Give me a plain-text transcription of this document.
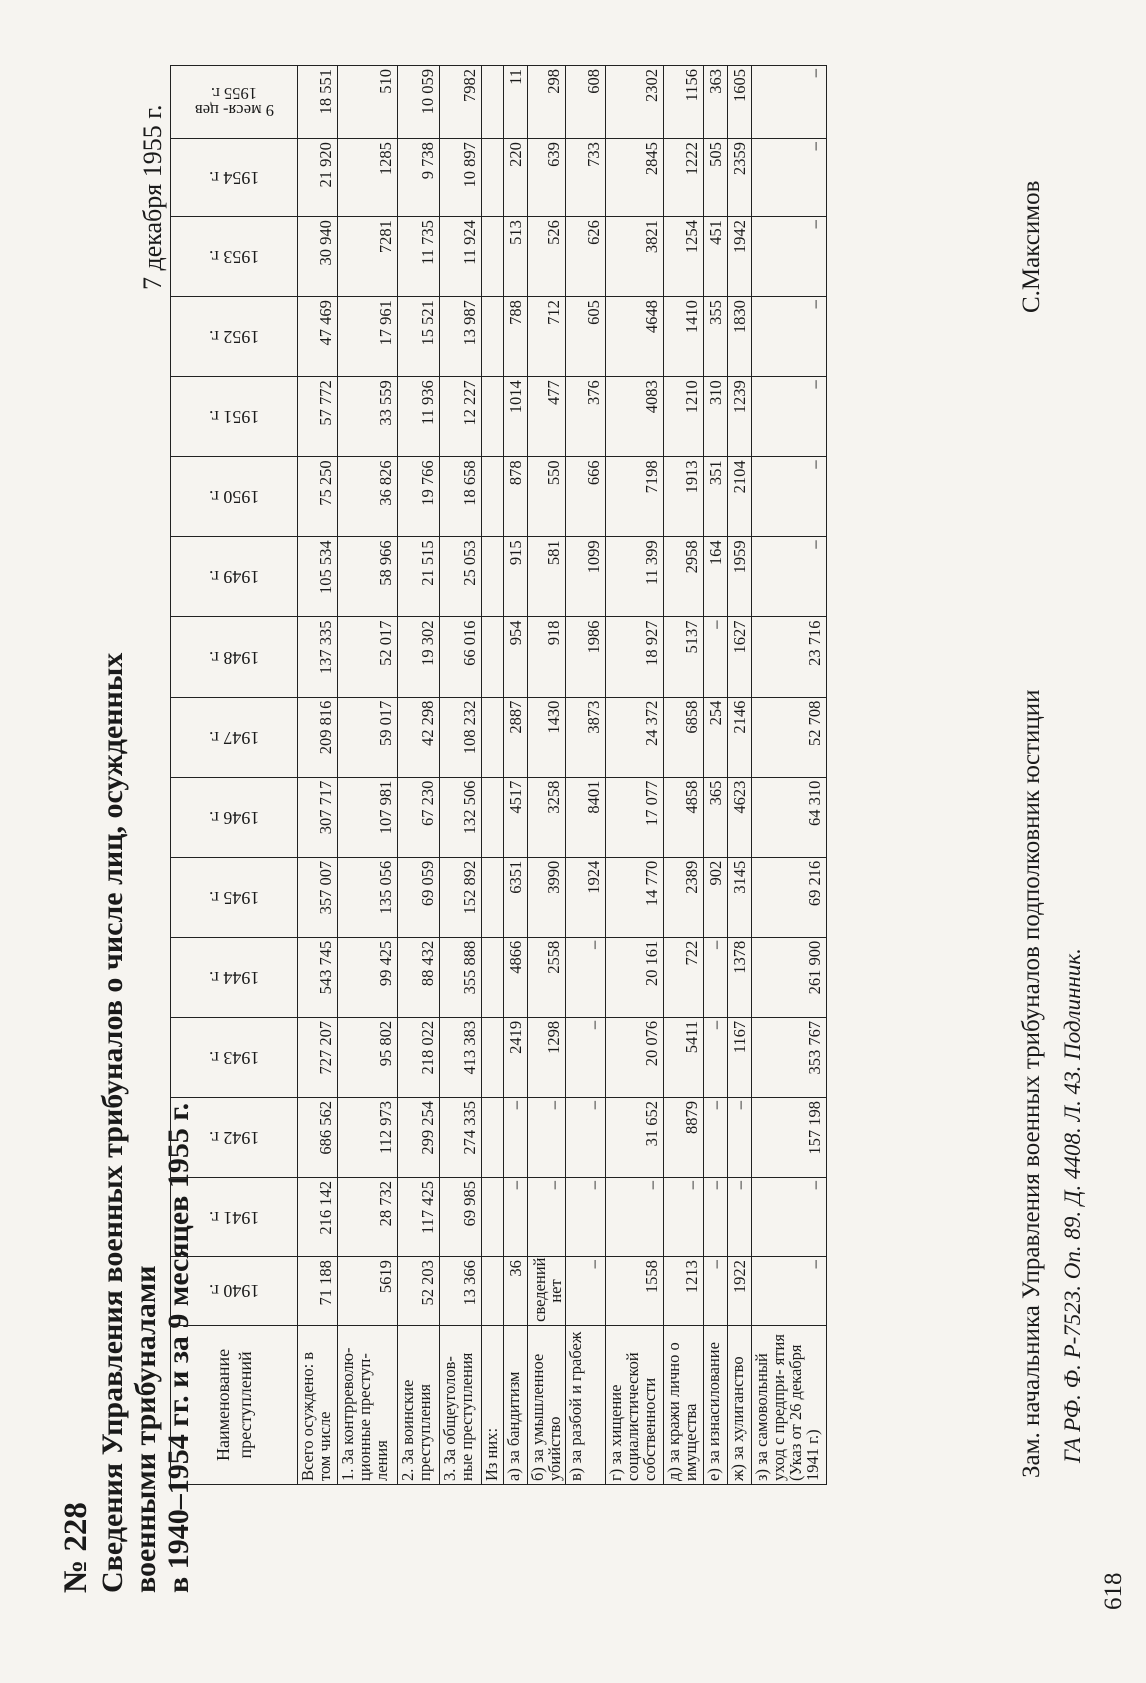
№ 228 Сведения Управления военных трибуналов о числе лиц, осужденных военными трибуналами в 1940–1954 гг. и за 9 месяцев 1955 г.
7 декабря 1955 г.
Наименование преступлений	1940 г.	1941 г.	1942 г.	1943 г.	1944 г.	1945 г.	1946 г.	1947 г.	1948 г.	1949 г.	1950 г.	1951 г.	1952 г.	1953 г.	1954 г.	9 меся- цев 1955 г.

Всего осуждено: в том числе	71 188	216 142	686 562	727 207	543 745	357 007	307 717	209 816	137 335	105 534	75 250	57 772	47 469	30 940	21 920	18 551
1. За контрреволю- ционные преступ- ления	5619	28 732	112 973	95 802	99 425	135 056	107 981	59 017	52 017	58 966	36 826	33 559	17 961	7281	1285	510
2. За воинские преступления	52 203	117 425	299 254	218 022	88 432	69 059	67 230	42 298	19 302	21 515	19 766	11 936	15 521	11 735	9 738	10 059
3. За общеуголов- ные преступления	13 366	69 985	274 335	413 383	355 888	152 892	132 506	108 232	66 016	25 053	18 658	12 227	13 987	11 924	10 897	7982
Из них:																
а) за бандитизм	36	–	–	2419	4866	6351	4517	2887	954	915	878	1014	788	513	220	11
б) за умышленное убийство	сведений нет	–	–	1298	2558	3990	3258	1430	918	581	550	477	712	526	639	298
в) за разбой и грабеж	–	–	–	–	–	1924	8401	3873	1986	1099	666	376	605	626	733	608
г) за хищение социалистической собственности	1558	–	31 652	20 076	20 161	14 770	17 077	24 372	18 927	11 399	7198	4083	4648	3821	2845	2302
д) за кражи лично о имущества	1213	–	8879	5411	722	2389	4858	6858	5137	2958	1913	1210	1410	1254	1222	1156
е) за изнасилование	–	–	–	–	–	902	365	254	–	164	351	310	355	451	505	363
ж) за хулиганство	1922	–	–	1167	1378	3145	4623	2146	1627	1959	2104	1239	1830	1942	2359	1605
з) за самовольный уход с предпри- ятия (Указ от 26 декабря 1941 г.)	–	–	157 198	353 767	261 900	69 216	64 310	52 708	23 716	–	–	–	–	–	–	–
Зам. начальника Управления военных трибуналов подполковник юстиции
С.Максимов
ГА РФ. Ф. Р-7523. Оп. 89. Д. 4408. Л. 43. Подлинник.
618
